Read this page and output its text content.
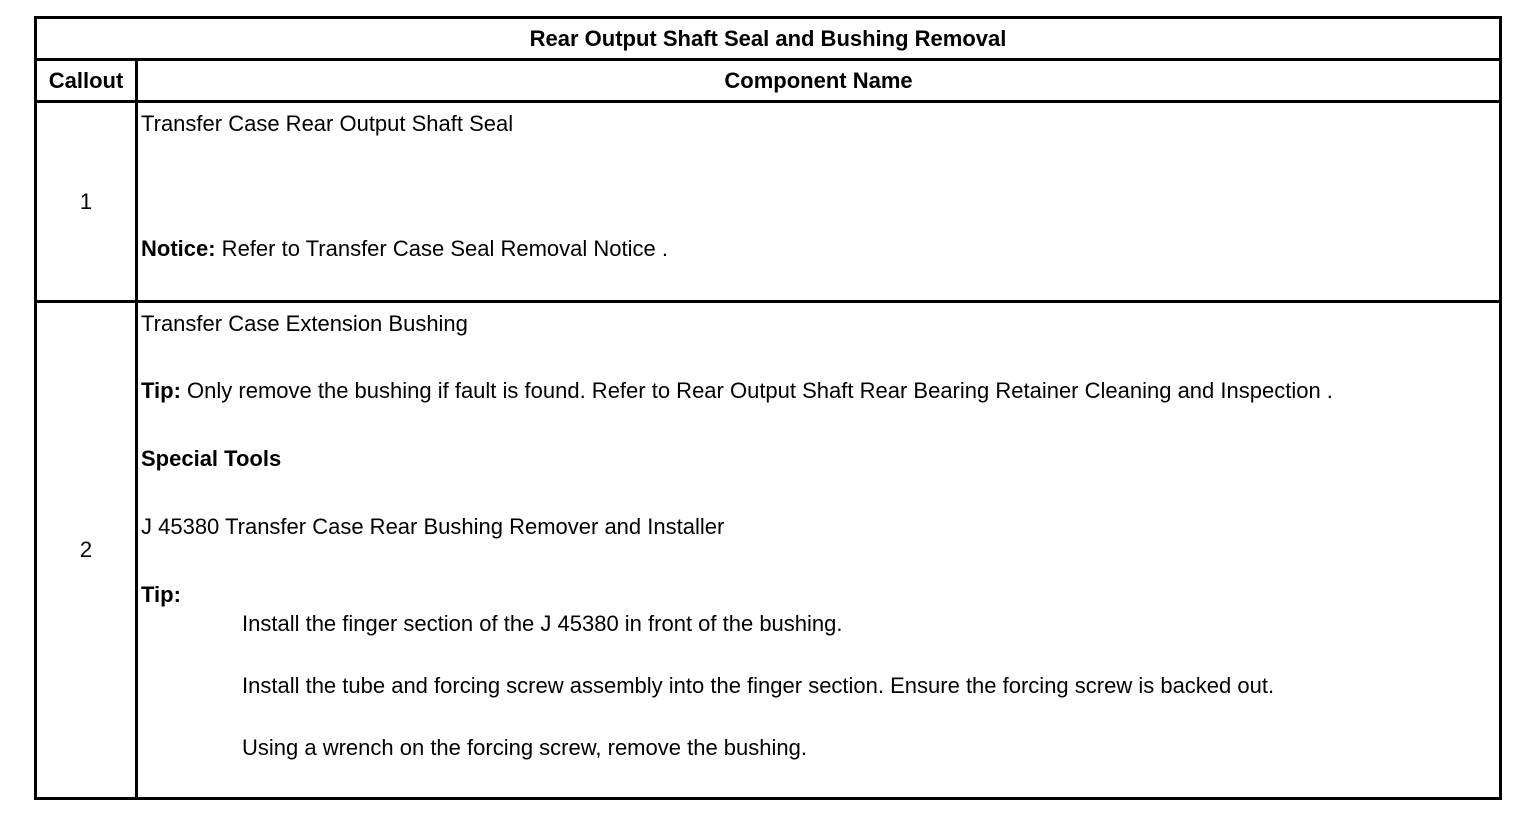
Rear Output Shaft Seal and Bushing Removal
Callout	Component Name
1
Transfer Case Rear Output Shaft Seal
Notice: Refer to Transfer Case Seal Removal Notice .
2
Transfer Case Extension Bushing
Tip: Only remove the bushing if fault is found. Refer to Rear Output Shaft Rear Bearing Retainer Cleaning and Inspection .
Special Tools
J 45380 Transfer Case Rear Bushing Remover and Installer
Tip:
Install the finger section of the J 45380 in front of the bushing.
Install the tube and forcing screw assembly into the finger section. Ensure the forcing screw is backed out.
Using a wrench on the forcing screw, remove the bushing.
